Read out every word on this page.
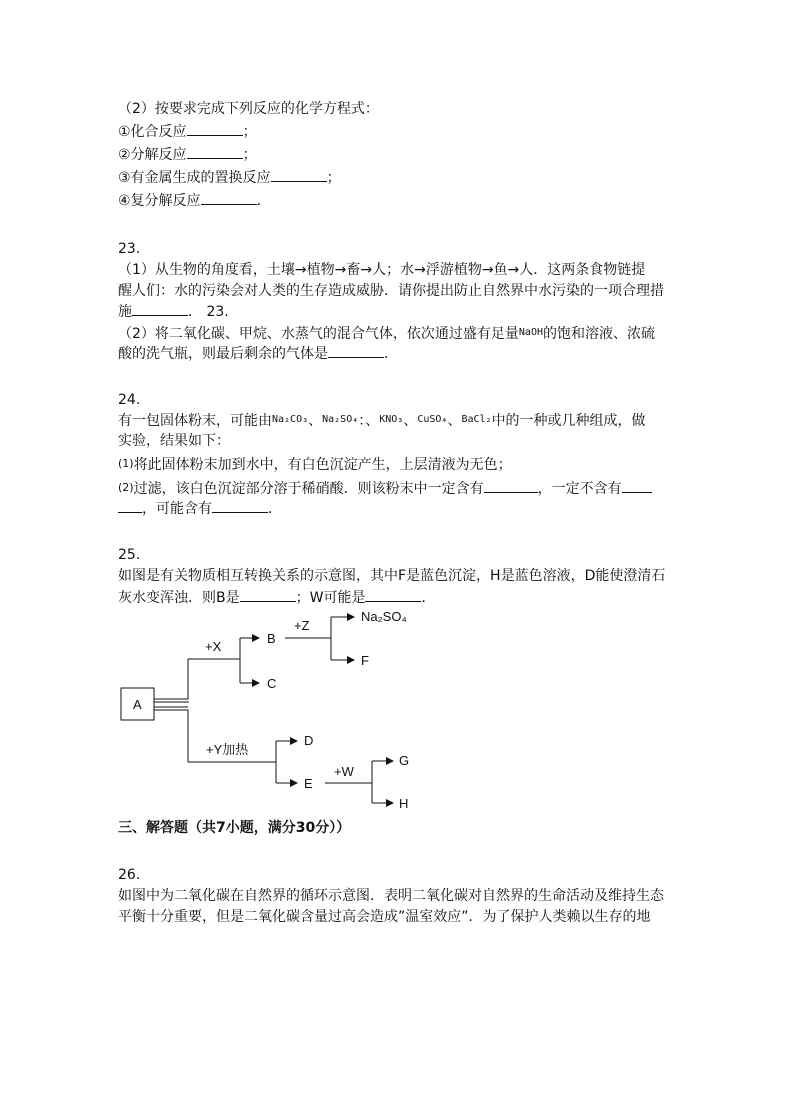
（2）按要求完成下列反应的化学方程式：
①化合反应	；
②分解反应	；
③有金属生成的置换反应	；
④复分解反应	．
23.
（1）从生物的角度看，土壤→植物→畜→人；水→浮游植物→鱼→人．这两条食物链提
醒人们：水的污染会对人类的生存造成威胁．请你提出防止自然界中水污染的一项合理措
施	． 23.
（2）将二氧化碳、甲烷、水蒸气的混合气体，依次通过盛有足量$^{NaOH}$的饱和溶液、浓硫
酸的洗气瓶，则最后剩余的气体是	．
24.
有一包固体粉末，可能由$^{Na_2CO_3}$、$^{Na_2SO_4}$：、$^{KNO_3}$、$^{CuSO_4}$、$^{BaCl_2}$中的一种或几种组成，做
实验，结果如下：
(1)将此固体粉末加到水中，有白色沉淀产生，上层清液为无色；
(2)过滤，该白色沉淀部分溶于稀硝酸．则该粉末中一定含有	，一定不含有
，可能含有	．
25.
如图是有关物质相互转换关系的示意图，其中F是蓝色沉淀，H是蓝色溶液，D能使澄清石
灰水变浑浊．则B是	；W可能是	．
A
+X
B
C
+Z
Na₂SO₄
F
+Y加热
D
E
+W
G
H
三、解答题（共7小题，满分30分））
26.
如图中为二氧化碳在自然界的循环示意图．表明二氧化碳对自然界的生命活动及维持生态
平衡十分重要，但是二氧化碳含量过高会造成”温室效应”．为了保护人类赖以生存的地
